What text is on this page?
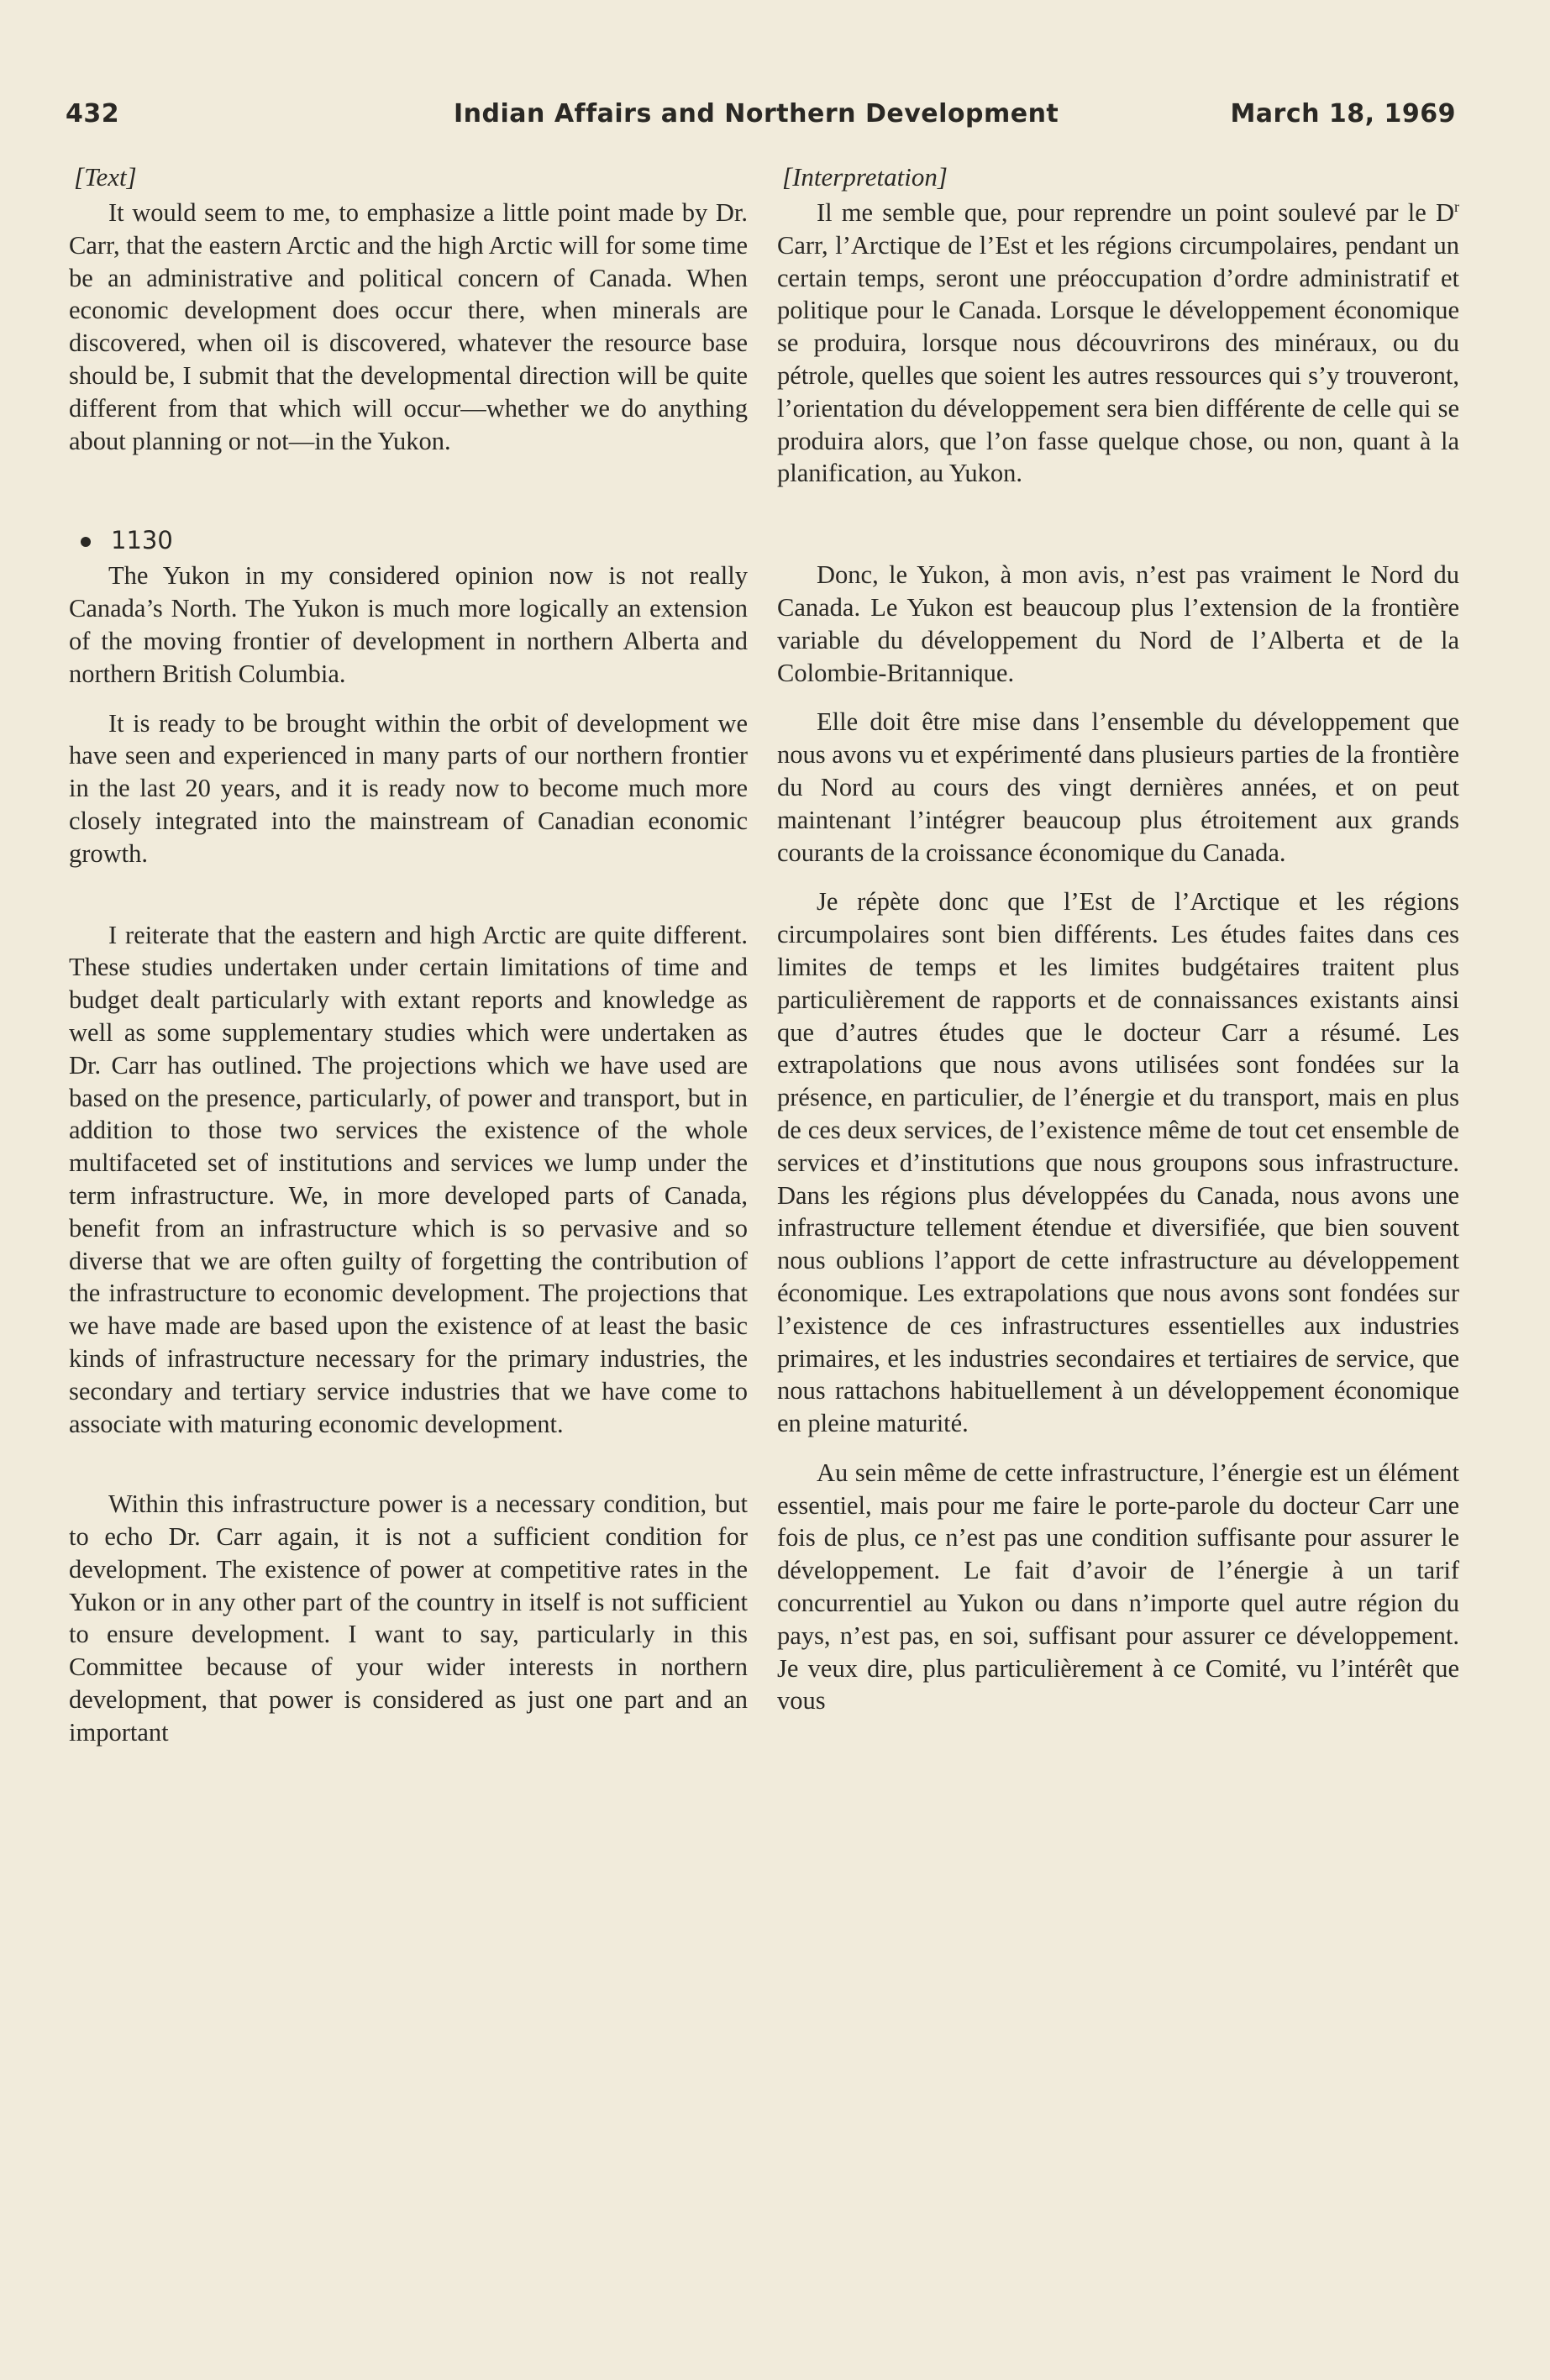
432	Indian Affairs and Northern Development	March 18, 1969
[Text]

It would seem to me, to emphasize a little point made by Dr. Carr, that the eastern Arctic and the high Arctic will for some time be an administrative and political concern of Canada. When economic development does occur there, when minerals are discovered, when oil is discovered, whatever the resource base should be, I submit that the developmental direction will be quite different from that which will occur—whether we do anything about planning or not—in the Yukon.

1130

The Yukon in my considered opinion now is not really Canada’s North. The Yukon is much more logically an extension of the moving frontier of development in northern Alberta and northern British Columbia.

It is ready to be brought within the orbit of development we have seen and experienced in many parts of our northern frontier in the last 20 years, and it is ready now to become much more closely integrated into the mainstream of Canadian economic growth.

I reiterate that the eastern and high Arctic are quite different. These studies undertaken under certain limitations of time and budget dealt particularly with extant reports and knowledge as well as some supplementary studies which were undertaken as Dr. Carr has outlined. The projections which we have used are based on the presence, particularly, of power and transport, but in addition to those two services the existence of the whole multifaceted set of institutions and services we lump under the term infrastructure. We, in more developed parts of Canada, benefit from an infrastructure which is so pervasive and so diverse that we are often guilty of forgetting the contribution of the infrastructure to economic development. The projections that we have made are based upon the existence of at least the basic kinds of infrastructure necessary for the primary industries, the secondary and tertiary service industries that we have come to associate with maturing economic development.

Within this infrastructure power is a necessary condition, but to echo Dr. Carr again, it is not a sufficient condition for development. The existence of power at competitive rates in the Yukon or in any other part of the country in itself is not sufficient to ensure development. I want to say, particularly in this Committee because of your wider interests in northern development, that power is considered as just one part and an important

[Interpretation]

Il me semble que, pour reprendre un point soulevé par le $D^r$ Carr, l’Arctique de l’Est et les régions circumpolaires, pendant un certain temps, seront une préoccupation d’ordre administratif et politique pour le Canada. Lorsque le développement économique se produira, lorsque nous découvrirons des minéraux, ou du pétrole, quelles que soient les autres ressources qui s’y trouveront, l’orientation du développement sera bien différente de celle qui se produira alors, que l’on fasse quelque chose, ou non, quant à la planification, au Yukon.

Donc, le Yukon, à mon avis, n’est pas vraiment le Nord du Canada. Le Yukon est beaucoup plus l’extension de la frontière variable du développement du Nord de l’Alberta et de la Colombie-Britannique.

Elle doit être mise dans l’ensemble du développement que nous avons vu et expérimenté dans plusieurs parties de la frontière du Nord au cours des vingt dernières années, et on peut maintenant l’intégrer beaucoup plus étroitement aux grands courants de la croissance économique du Canada.

Je répète donc que l’Est de l’Arctique et les régions circumpolaires sont bien différents. Les études faites dans ces limites de temps et les limites budgétaires traitent plus particulièrement de rapports et de connaissances existants ainsi que d’autres études que le docteur Carr a résumé. Les extrapolations que nous avons utilisées sont fondées sur la présence, en particulier, de l’énergie et du transport, mais en plus de ces deux services, de l’existence même de tout cet ensemble de services et d’institutions que nous groupons sous infrastructure. Dans les régions plus développées du Canada, nous avons une infrastructure tellement étendue et diversifiée, que bien souvent nous oublions l’apport de cette infrastructure au développement économique. Les extrapolations que nous avons sont fondées sur l’existence de ces infrastructures essentielles aux industries primaires, et les industries secondaires et tertiaires de service, que nous rattachons habituellement à un développement économique en pleine maturité.

Au sein même de cette infrastructure, l’énergie est un élément essentiel, mais pour me faire le porte-parole du docteur Carr une fois de plus, ce n’est pas une condition suffisante pour assurer le développement. Le fait d’avoir de l’énergie à un tarif concurrentiel au Yukon ou dans n’importe quel autre région du pays, n’est pas, en soi, suffisant pour assurer ce développement. Je veux dire, plus particulièrement à ce Comité, vu l’intérêt que vous
